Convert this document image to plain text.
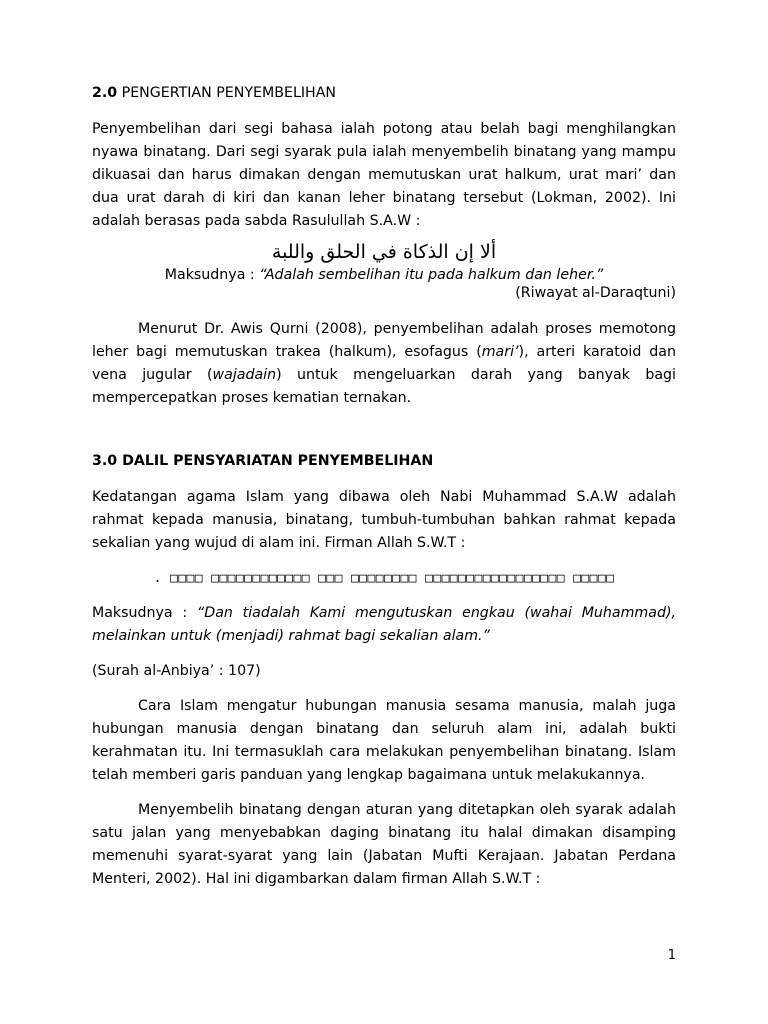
2.0 PENGERTIAN PENYEMBELIHAN

Penyembelihan dari segi bahasa ialah potong atau belah bagi menghilangkan nyawa binatang. Dari segi syarak pula ialah menyembelih binatang yang mampu dikuasai dan harus dimakan dengan memutuskan urat halkum, urat mari’ dan dua urat darah di kiri dan kanan leher binatang tersebut (Lokman, 2002). Ini adalah berasas pada sabda Rasulullah S.A.W :

ألا إن الذكاة في الحلق واللبة

Maksudnya : “Adalah sembelihan itu pada halkum dan leher.”

(Riwayat al-Daraqtuni)

Menurut Dr. Awis Qurni (2008), penyembelihan adalah proses memotong leher bagi memutuskan trakea (halkum), esofagus (mari’), arteri karatoid dan vena jugular (wajadain) untuk mengeluarkan darah yang banyak bagi mempercepatkan proses kematian ternakan.

3.0 DALIL PENSYARIATAN PENYEMBELIHAN

Kedatangan agama Islam yang dibawa oleh Nabi Muhammad S.A.W adalah rahmat kepada manusia, binatang, tumbuh-tumbuhan bahkan rahmat kepada sekalian yang wujud di alam ini. Firman Allah S.W.T :

. □□□□ □□□□□□□□□□□□ □□□ □□□□□□□□ □□□□□□□□□□□□□□□□□ □□□□□

Maksudnya : “Dan tiadalah Kami mengutuskan engkau (wahai Muhammad), melainkan untuk (menjadi) rahmat bagi sekalian alam.”

(Surah al-Anbiya’ : 107)

Cara Islam mengatur hubungan manusia sesama manusia, malah juga hubungan manusia dengan binatang dan seluruh alam ini, adalah bukti kerahmatan itu. Ini termasuklah cara melakukan penyembelihan binatang. Islam telah memberi garis panduan yang lengkap bagaimana untuk melakukannya.

Menyembelih binatang dengan aturan yang ditetapkan oleh syarak adalah satu jalan yang menyebabkan daging binatang itu halal dimakan disamping memenuhi syarat-syarat yang lain (Jabatan Mufti Kerajaan. Jabatan Perdana Menteri, 2002). Hal ini digambarkan dalam firman Allah S.W.T :

1
